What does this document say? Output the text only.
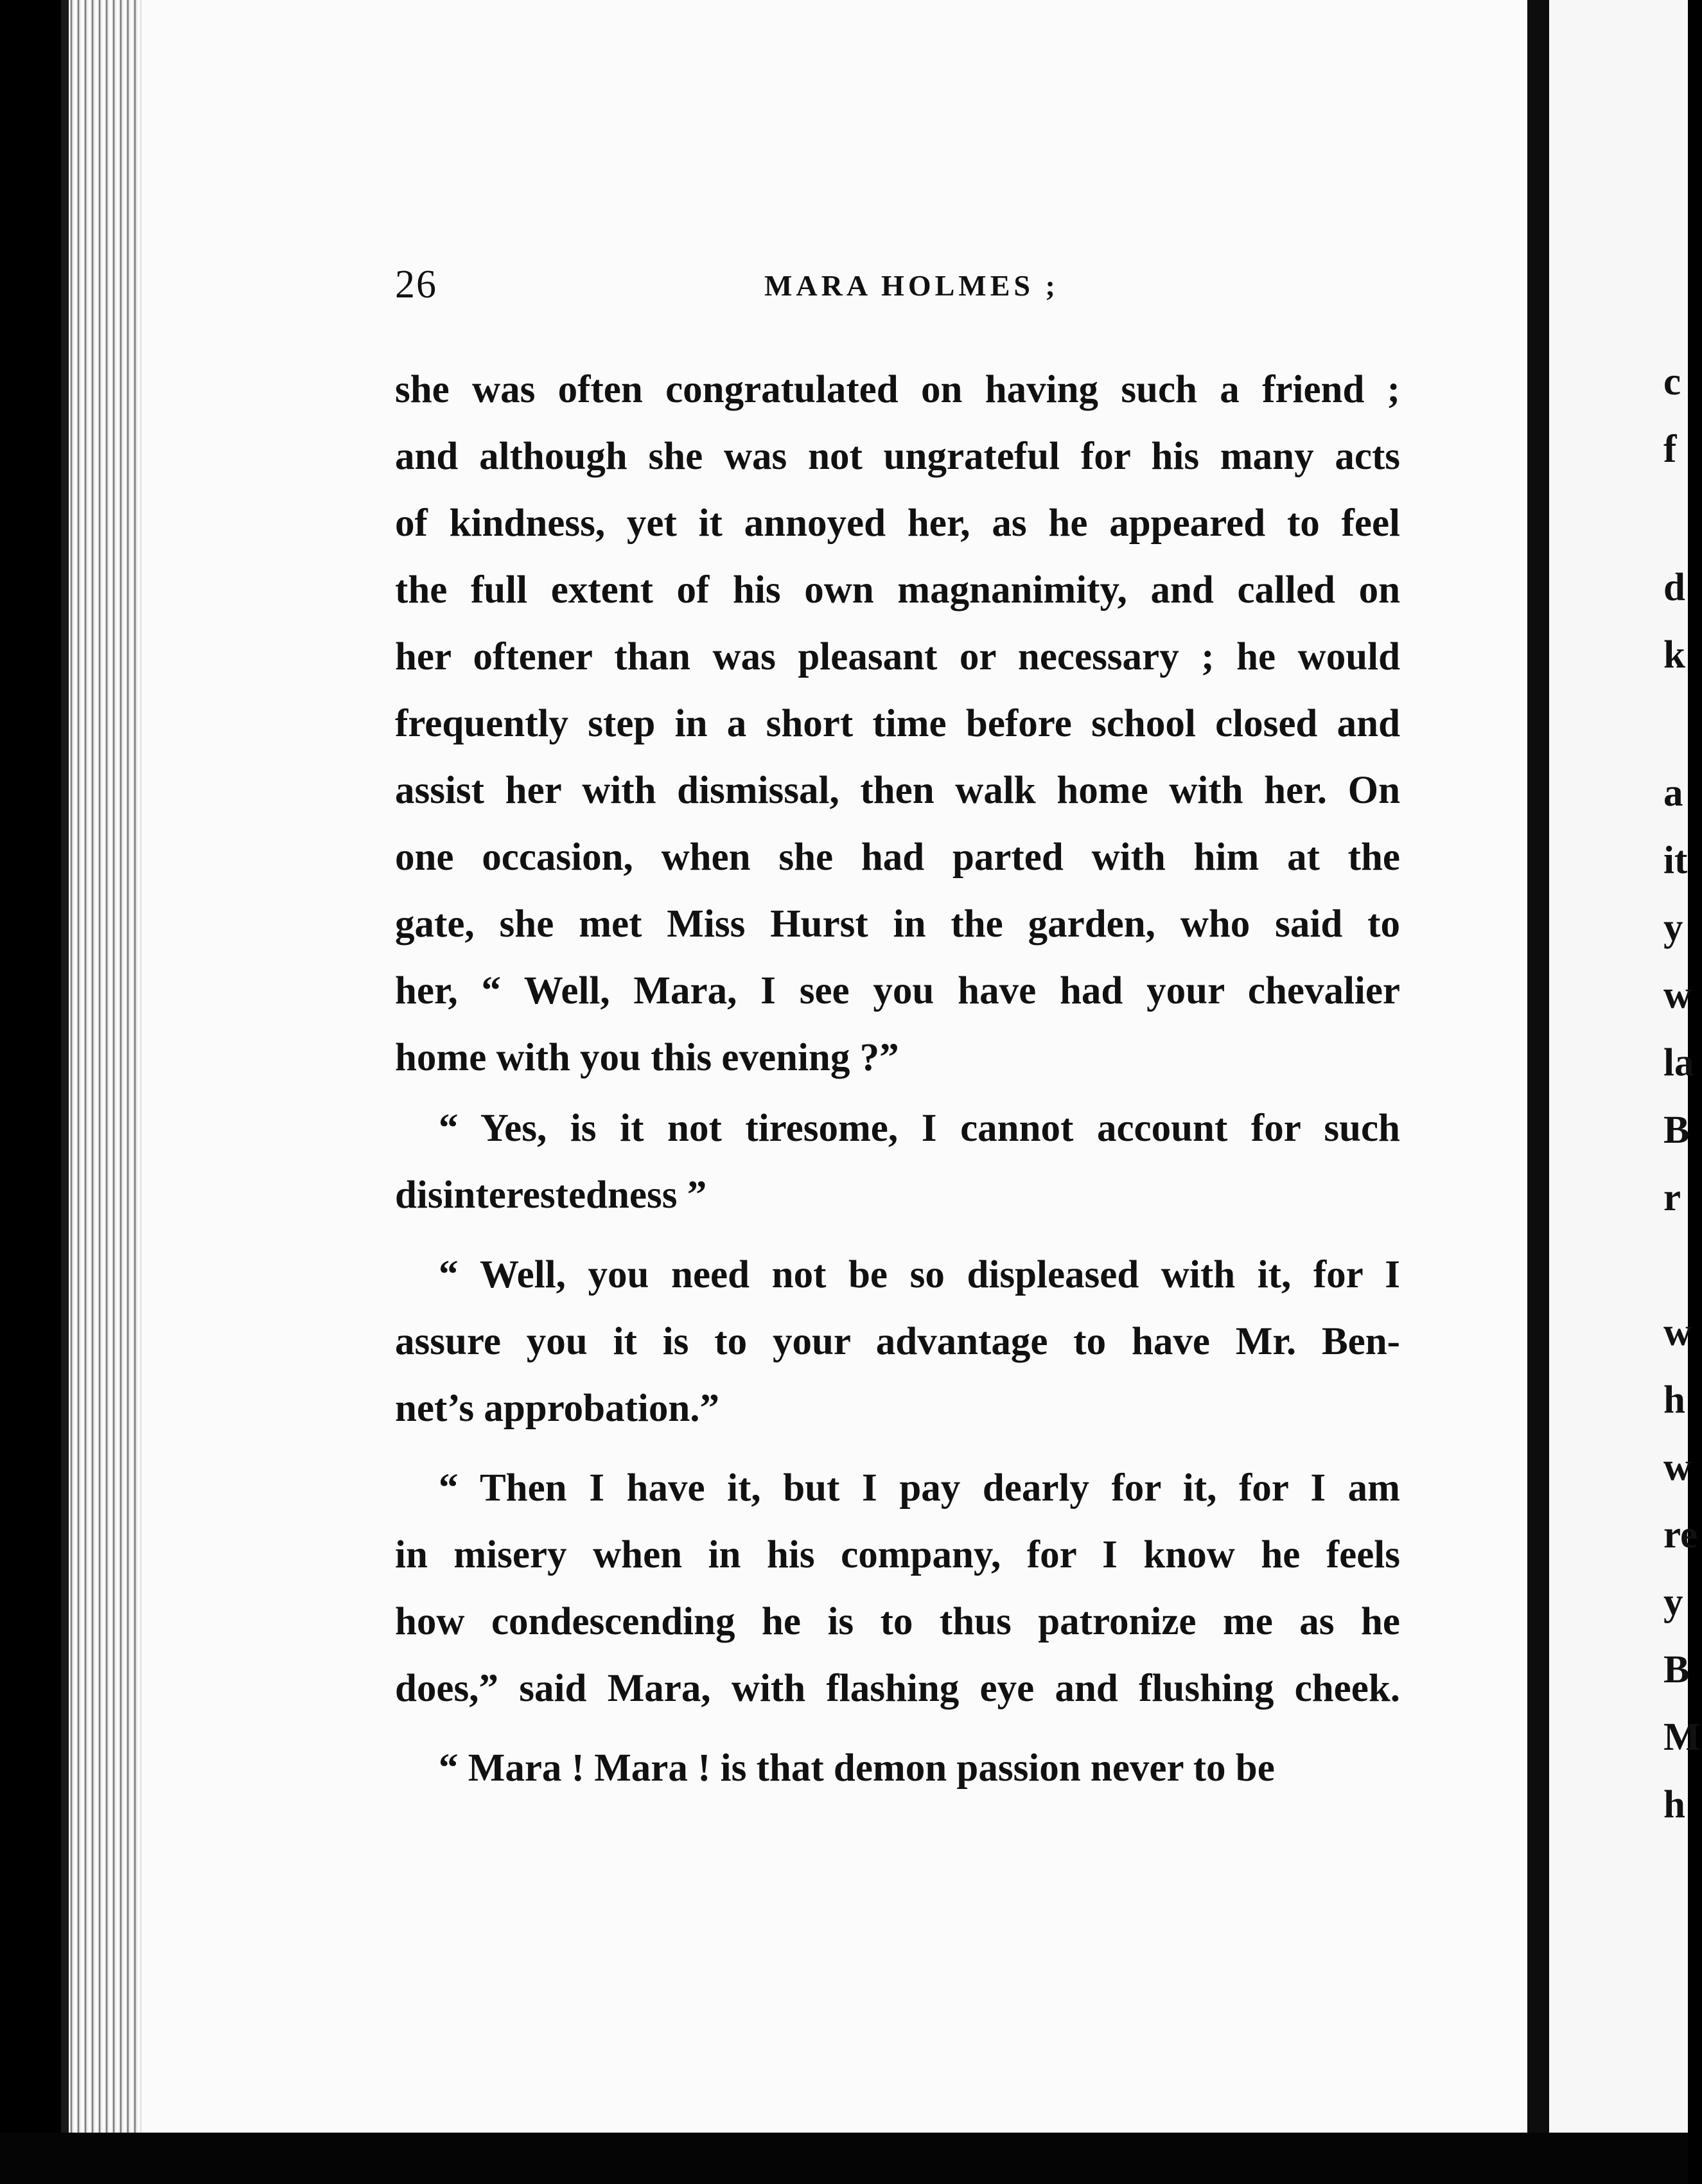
26	MARA HOLMES ;
she was often congratulated on having such a friend ;
and although she was not ungrateful for his many acts
of kindness, yet it annoyed her, as he appeared to feel
the full extent of his own magnanimity, and called on
her oftener than was pleasant or necessary ; he would
frequently step in a short time before school closed and
assist her with dismissal, then walk home with her. On
one occasion, when she had parted with him at the
gate, she met Miss Hurst in the garden, who said to
her, “ Well, Mara, I see you have had your chevalier
home with you this evening ?”
“ Yes, is it not tiresome, I cannot account for such
disinterestedness ”
“ Well, you need not be so displeased with it, for I
assure you it is to your advantage to have Mr. Ben-
net’s approbation.”
“ Then I have it, but I pay dearly for it, for I am
in misery when in his company, for I know he feels
how condescending he is to thus patronize me as he
does,” said Mara, with flashing eye and flushing cheek.
“ Mara ! Mara ! is that demon passion never to be
c
f
d
k
a
it
y
w
la
B
r
w
h
w
re
y
B
M
h
